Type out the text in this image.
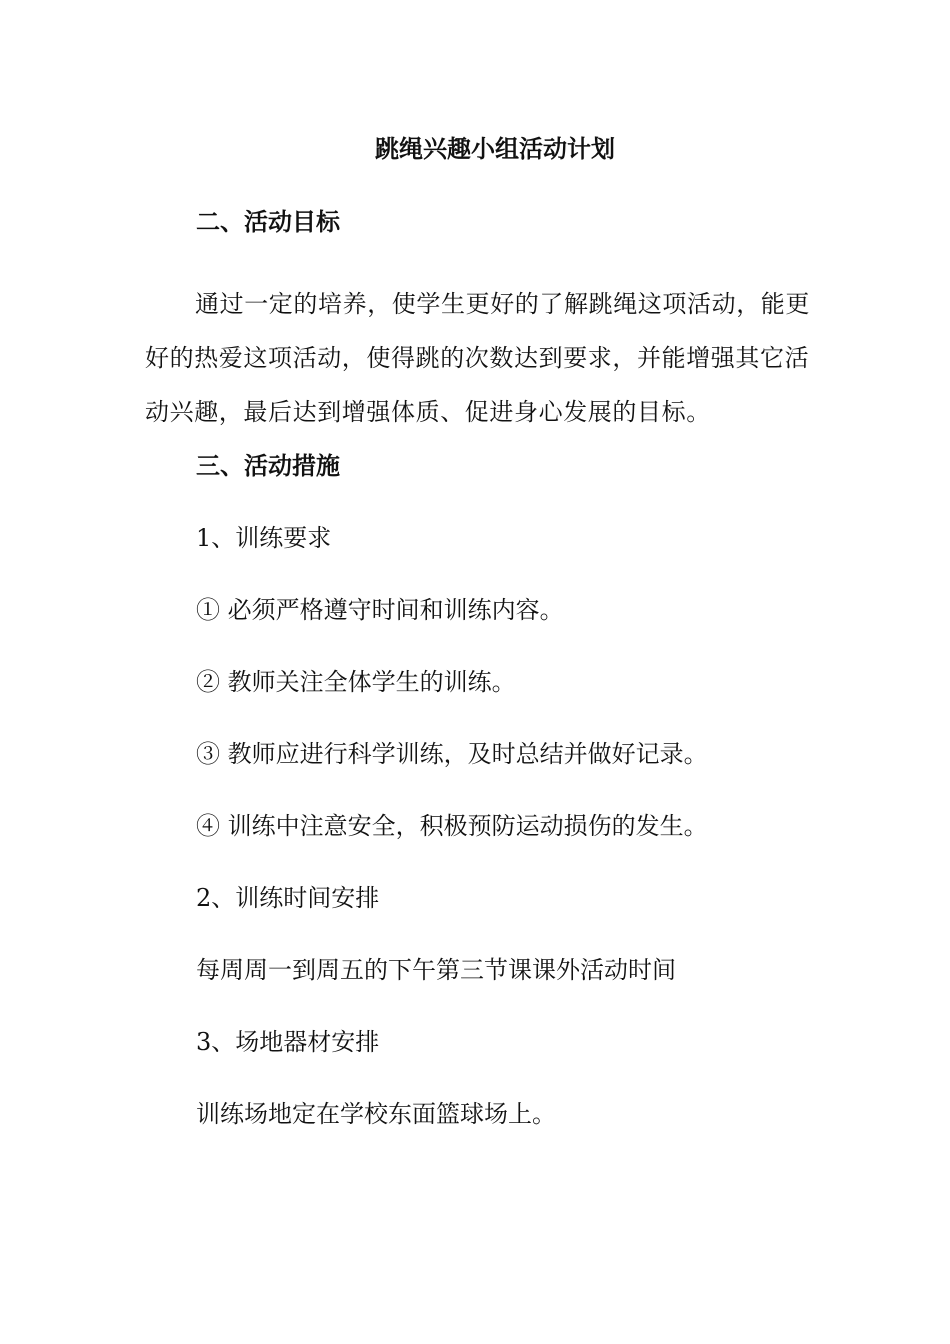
跳绳兴趣小组活动计划
二、活动目标
通过一定的培养，使学生更好的了解跳绳这项活动，能更好的热爱这项活动，使得跳的次数达到要求，并能增强其它活动兴趣，最后达到增强体质、促进身心发展的目标。
三、活动措施
1、训练要求
① 必须严格遵守时间和训练内容。
② 教师关注全体学生的训练。
③ 教师应进行科学训练，及时总结并做好记录。
④ 训练中注意安全，积极预防运动损伤的发生。
2、训练时间安排
每周周一到周五的下午第三节课课外活动时间
3、场地器材安排
训练场地定在学校东面篮球场上。
